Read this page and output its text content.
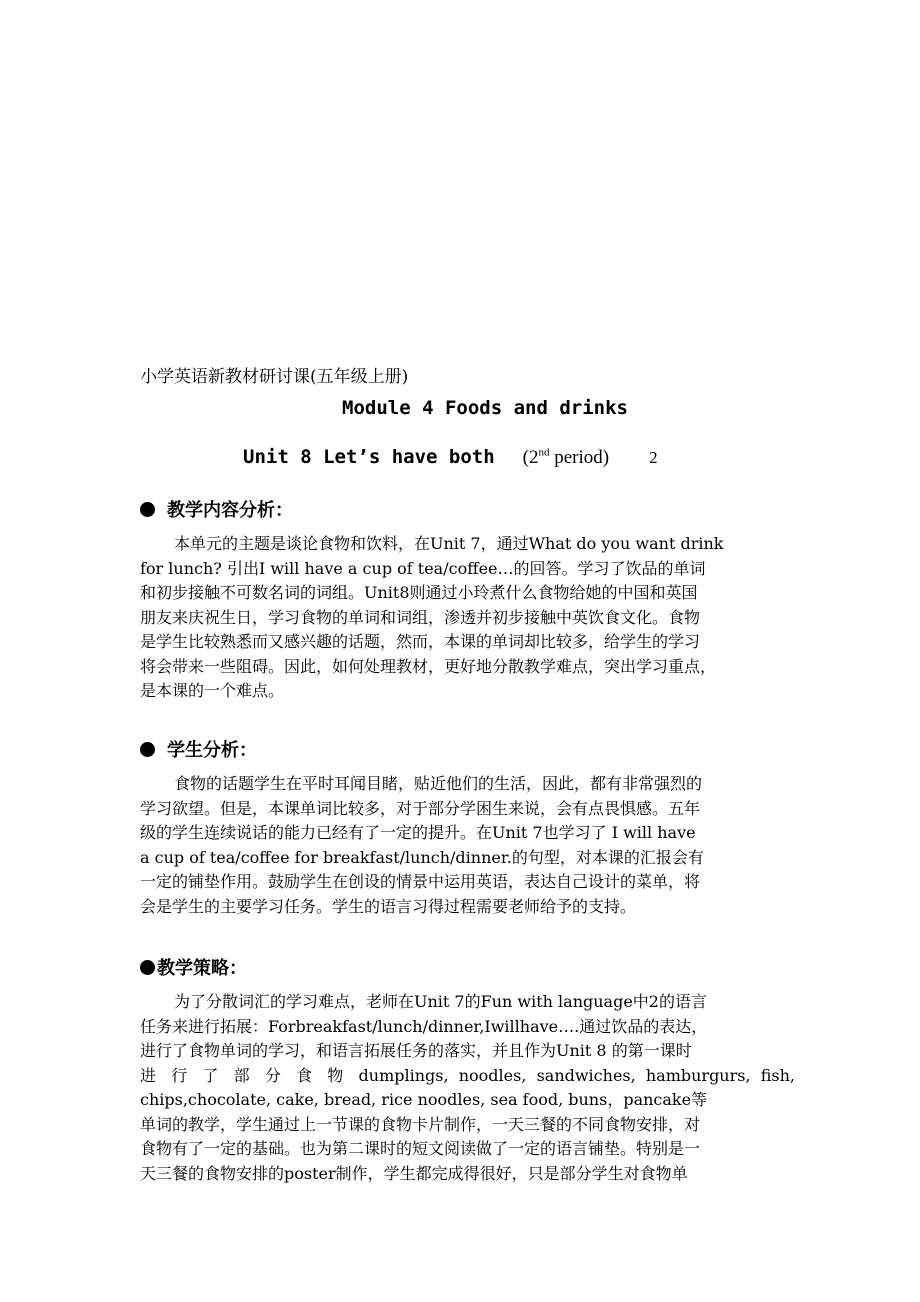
小学英语新教材研讨课(五年级上册)
Module 4 Foods and drinks
Unit 8 Let’s have both (2nd period) 2
教学内容分析：
本单元的主题是谈论食物和饮料，在Unit 7，通过What do you want drink
for lunch? 引出I will have a cup of tea/coffee…的回答。学习了饮品的单词
和初步接触不可数名词的词组。Unit8则通过小玲煮什么食物给她的中国和英国
朋友来庆祝生日，学习食物的单词和词组，渗透并初步接触中英饮食文化。食物
是学生比较熟悉而又感兴趣的话题，然而，本课的单词却比较多，给学生的学习
将会带来一些阻碍。因此，如何处理教材，更好地分散教学难点，突出学习重点，
是本课的一个难点。
学生分析：
食物的话题学生在平时耳闻目睹，贴近他们的生活，因此，都有非常强烈的
学习欲望。但是，本课单词比较多，对于部分学困生来说，会有点畏惧感。五年
级的学生连续说话的能力已经有了一定的提升。在Unit 7也学习了 I will have
a cup of tea/coffee for breakfast/lunch/dinner.的句型，对本课的汇报会有
一定的铺垫作用。鼓励学生在创设的情景中运用英语，表达自己设计的菜单，将
会是学生的主要学习任务。学生的语言习得过程需要老师给予的支持。
教学策略：
为了分散词汇的学习难点，老师在Unit 7的Fun with language中2的语言
任务来进行拓展：Forbreakfast/lunch/dinner,Iwillhave….通过饮品的表达，
进行了食物单词的学习，和语言拓展任务的落实，并且作为Unit 8 的第一课时
进 行 了 部 分 食 物 dumplings, noodles, sandwiches, hamburgurs, fish,
chips,chocolate, cake, bread, rice noodles, sea food, buns，pancake等
单词的教学，学生通过上一节课的食物卡片制作，一天三餐的不同食物安排，对
食物有了一定的基础。也为第二课时的短文阅读做了一定的语言铺垫。特别是一
天三餐的食物安排的poster制作，学生都完成得很好，只是部分学生对食物单
